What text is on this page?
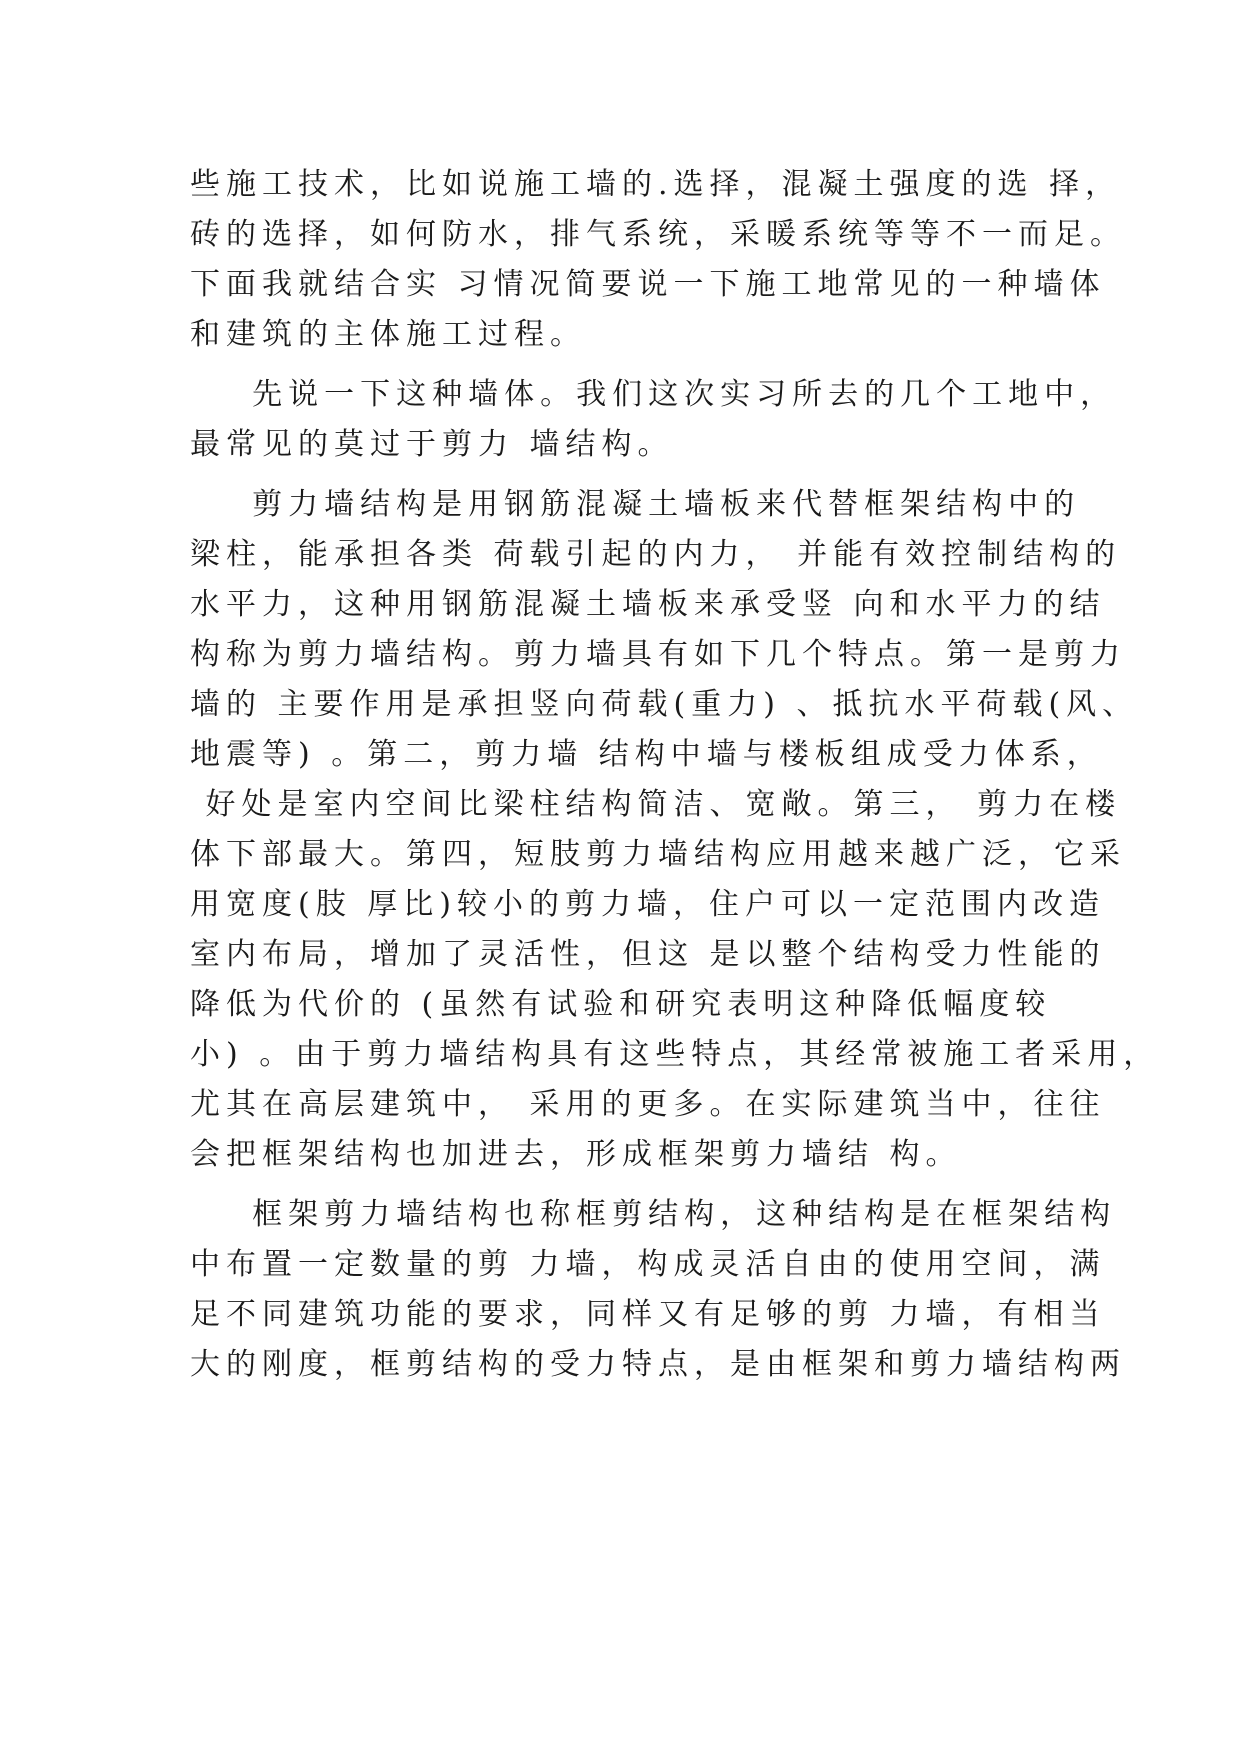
些施工技术，比如说施工墙的.选择，混凝土强度的选 择，
砖的选择，如何防水，排气系统，采暖系统等等不一而足。
下面我就结合实 习情况简要说一下施工地常见的一种墙体
和建筑的主体施工过程。
先说一下这种墙体。我们这次实习所去的几个工地中，
最常见的莫过于剪力 墙结构。
剪力墙结构是用钢筋混凝土墙板来代替框架结构中的
梁柱，能承担各类 荷载引起的内力， 并能有效控制结构的
水平力，这种用钢筋混凝土墙板来承受竖 向和水平力的结
构称为剪力墙结构。剪力墙具有如下几个特点。第一是剪力
墙的 主要作用是承担竖向荷载(重力) 、抵抗水平荷载(风、
地震等) 。第二，剪力墙 结构中墙与楼板组成受力体系，
好处是室内空间比梁柱结构简洁、宽敞。第三， 剪力在楼
体下部最大。第四，短肢剪力墙结构应用越来越广泛，它采
用宽度(肢 厚比)较小的剪力墙，住户可以一定范围内改造
室内布局，增加了灵活性，但这 是以整个结构受力性能的
降低为代价的 (虽然有试验和研究表明这种降低幅度较
小) 。由于剪力墙结构具有这些特点，其经常被施工者采用，
尤其在高层建筑中， 采用的更多。在实际建筑当中，往往
会把框架结构也加进去，形成框架剪力墙结 构。
框架剪力墙结构也称框剪结构，这种结构是在框架结构
中布置一定数量的剪 力墙，构成灵活自由的使用空间，满
足不同建筑功能的要求，同样又有足够的剪 力墙，有相当
大的刚度，框剪结构的受力特点，是由框架和剪力墙结构两
